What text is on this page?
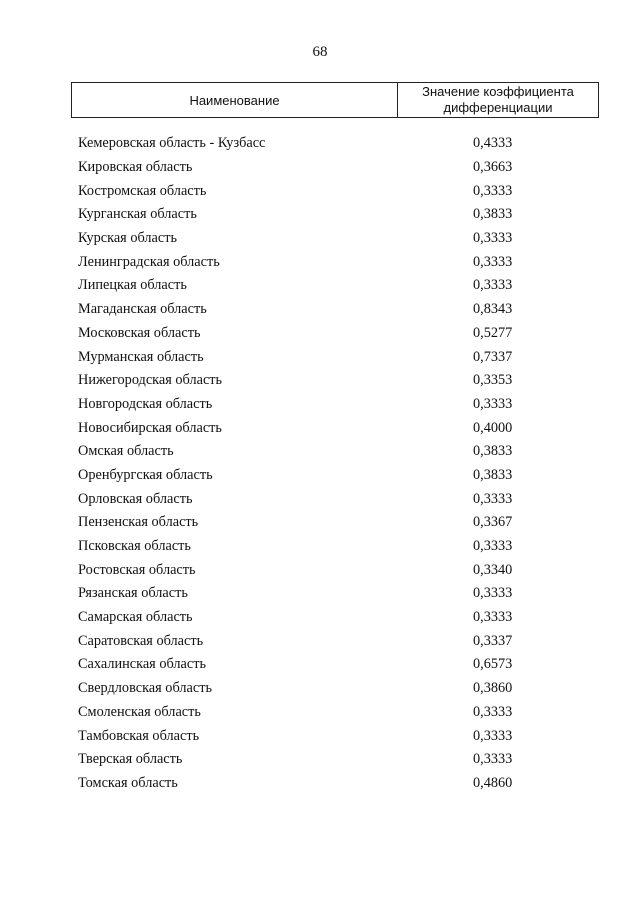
68
Наименование
Значение коэффициента дифференциации
Кемеровская область - Кузбасс	0,4333
Кировская область	0,3663
Костромская область	0,3333
Курганская область	0,3833
Курская область	0,3333
Ленинградская область	0,3333
Липецкая область	0,3333
Магаданская область	0,8343
Московская область	0,5277
Мурманская область	0,7337
Нижегородская область	0,3353
Новгородская область	0,3333
Новосибирская область	0,4000
Омская область	0,3833
Оренбургская область	0,3833
Орловская область	0,3333
Пензенская область	0,3367
Псковская область	0,3333
Ростовская область	0,3340
Рязанская область	0,3333
Самарская область	0,3333
Саратовская область	0,3337
Сахалинская область	0,6573
Свердловская область	0,3860
Смоленская область	0,3333
Тамбовская область	0,3333
Тверская область	0,3333
Томская область	0,4860
